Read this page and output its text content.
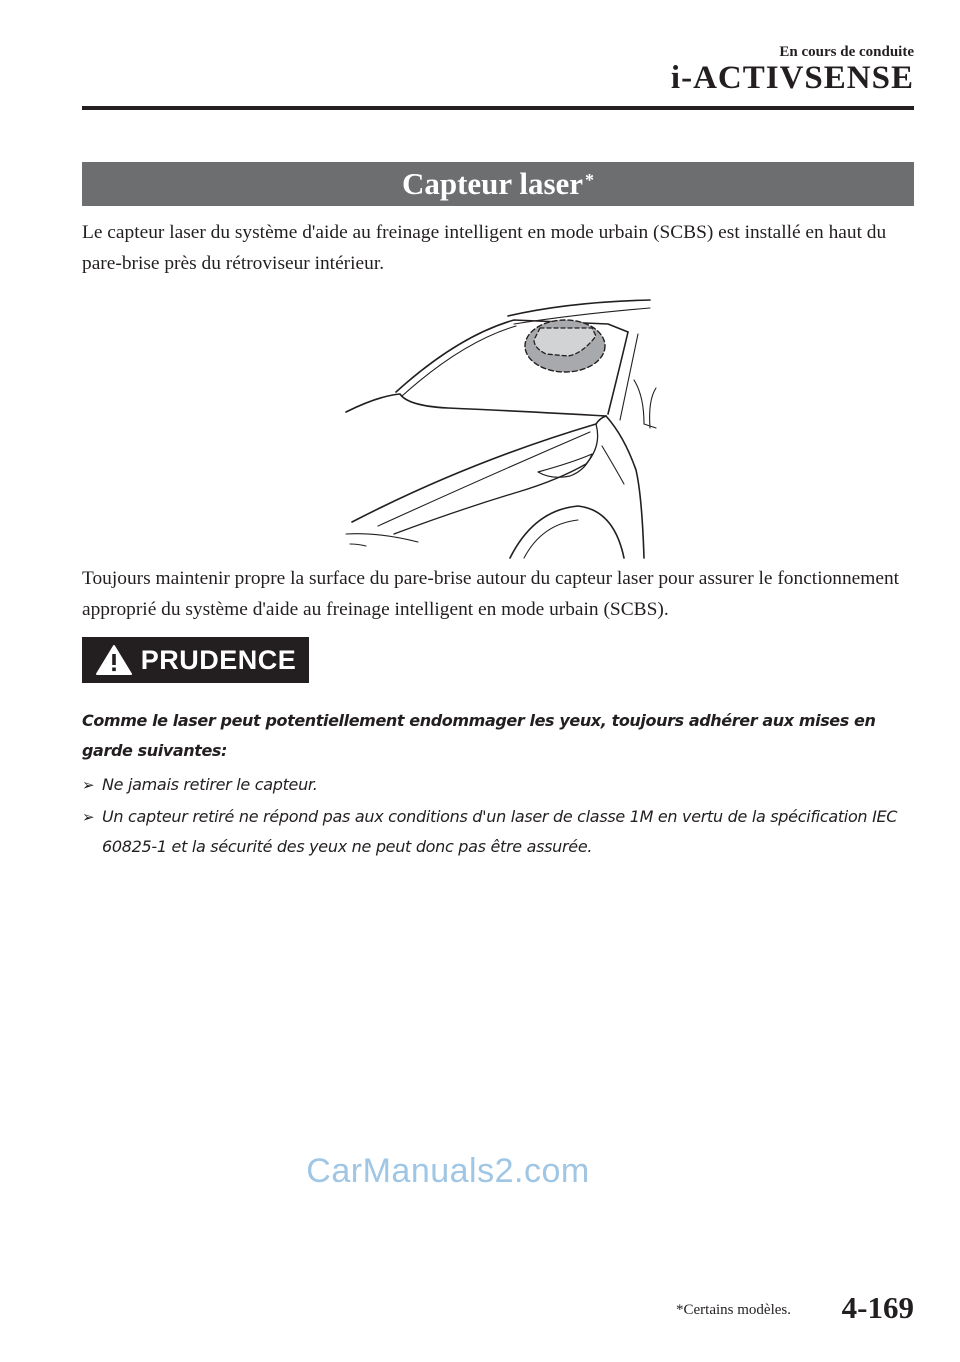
En cours de conduite
i-ACTIVSENSE
Capteur laser*

Le capteur laser du système d'aide au freinage intelligent en mode urbain (SCBS) est installé en haut du pare-brise près du rétroviseur intérieur.

Toujours maintenir propre la surface du pare-brise autour du capteur laser pour assurer le fonctionnement approprié du système d'aide au freinage intelligent en mode urbain (SCBS).

PRUDENCE

Comme le laser peut potentiellement endommager les yeux, toujours adhérer aux mises en garde suivantes:

➢ Ne jamais retirer le capteur.
➢ Un capteur retiré ne répond pas aux conditions d'un laser de classe 1M en vertu de la spécification IEC 60825-1 et la sécurité des yeux ne peut donc pas être assurée.
CarManuals2.com
*Certains modèles. 4-169
